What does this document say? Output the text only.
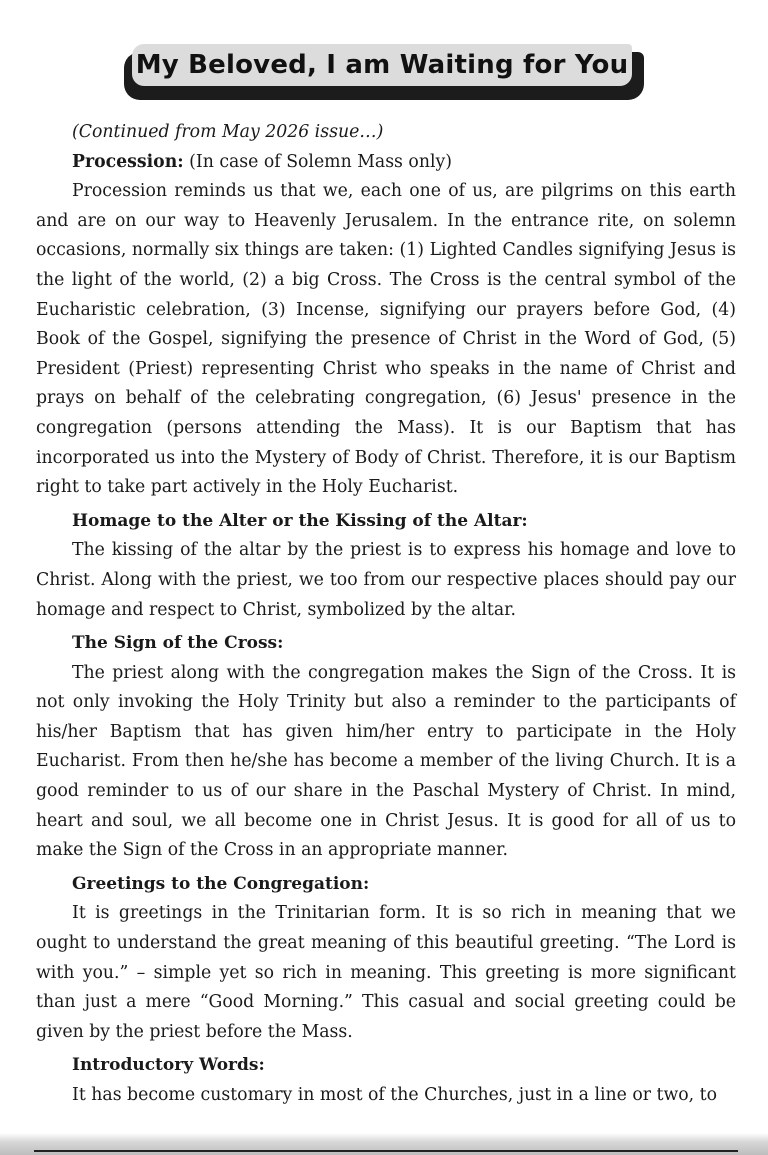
My Beloved, I am Waiting for You

(Continued from May 2026 issue…)

Procession: (In case of Solemn Mass only)

Procession reminds us that we, each one of us, are pilgrims on this earth and are on our way to Heavenly Jerusalem. In the entrance rite, on solemn occasions, normally six things are taken: (1) Lighted Candles signifying Jesus is the light of the world, (2) a big Cross. The Cross is the central symbol of the Eucharistic celebration, (3) Incense, signifying our prayers before God, (4) Book of the Gospel, signifying the presence of Christ in the Word of God, (5) President (Priest) representing Christ who speaks in the name of Christ and prays on behalf of the celebrating congregation, (6) Jesus' presence in the congregation (persons attending the Mass). It is our Baptism that has incorporated us into the Mystery of Body of Christ. Therefore, it is our Baptism right to take part actively in the Holy Eucharist.

Homage to the Alter or the Kissing of the Altar:

The kissing of the altar by the priest is to express his homage and love to Christ. Along with the priest, we too from our respective places should pay our homage and respect to Christ, symbolized by the altar.

The Sign of the Cross:

The priest along with the congregation makes the Sign of the Cross. It is not only invoking the Holy Trinity but also a reminder to the participants of his/her Baptism that has given him/her entry to participate in the Holy Eucharist. From then he/she has become a member of the living Church. It is a good reminder to us of our share in the Paschal Mystery of Christ. In mind, heart and soul, we all become one in Christ Jesus. It is good for all of us to make the Sign of the Cross in an appropriate manner.

Greetings to the Congregation:

It is greetings in the Trinitarian form. It is so rich in meaning that we ought to understand the great meaning of this beautiful greeting. “The Lord is with you.” – simple yet so rich in meaning. This greeting is more significant than just a mere “Good Morning.” This casual and social greeting could be given by the priest before the Mass.

Introductory Words:

It has become customary in most of the Churches, just in a line or two, to
